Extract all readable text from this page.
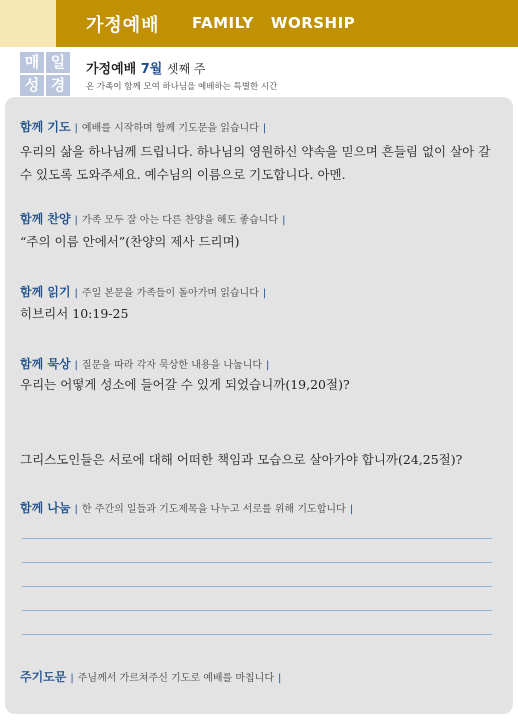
가정예배 FAMILY   WORSHIP
매 일
성 경
가정예배 7월 셋째 주
온 가족이 함께 모여 하나님을 예배하는 특별한 시간
함께 기도 | 예배를 시작하며 함께 기도문을 읽습니다 |
우리의 삶을 하나님께 드립니다. 하나님의 영원하신 약속을 믿으며 흔들림 없이 살아 갈 수 있도록 도와주세요. 예수님의 이름으로 기도합니다. 아멘.
함께 찬양 | 가족 모두 잘 아는 다른 찬양을 해도 좋습니다 |
“주의 이름 안에서”(찬양의 제사 드리며)
함께 읽기 | 주일 본문을 가족들이 돌아가며 읽습니다 |
히브리서 10:19-25
함께 묵상 | 질문을 따라 각자 묵상한 내용을 나눕니다 |
우리는 어떻게 성소에 들어갈 수 있게 되었습니까(19,20절)?
그리스도인들은 서로에 대해 어떠한 책임과 모습으로 살아가야 합니까(24,25절)?
함께 나눔 | 한 주간의 일들과 기도제목을 나누고 서로를 위해 기도합니다 |
주기도문 | 주님께서 가르쳐주신 기도로 예배를 마칩니다 |
